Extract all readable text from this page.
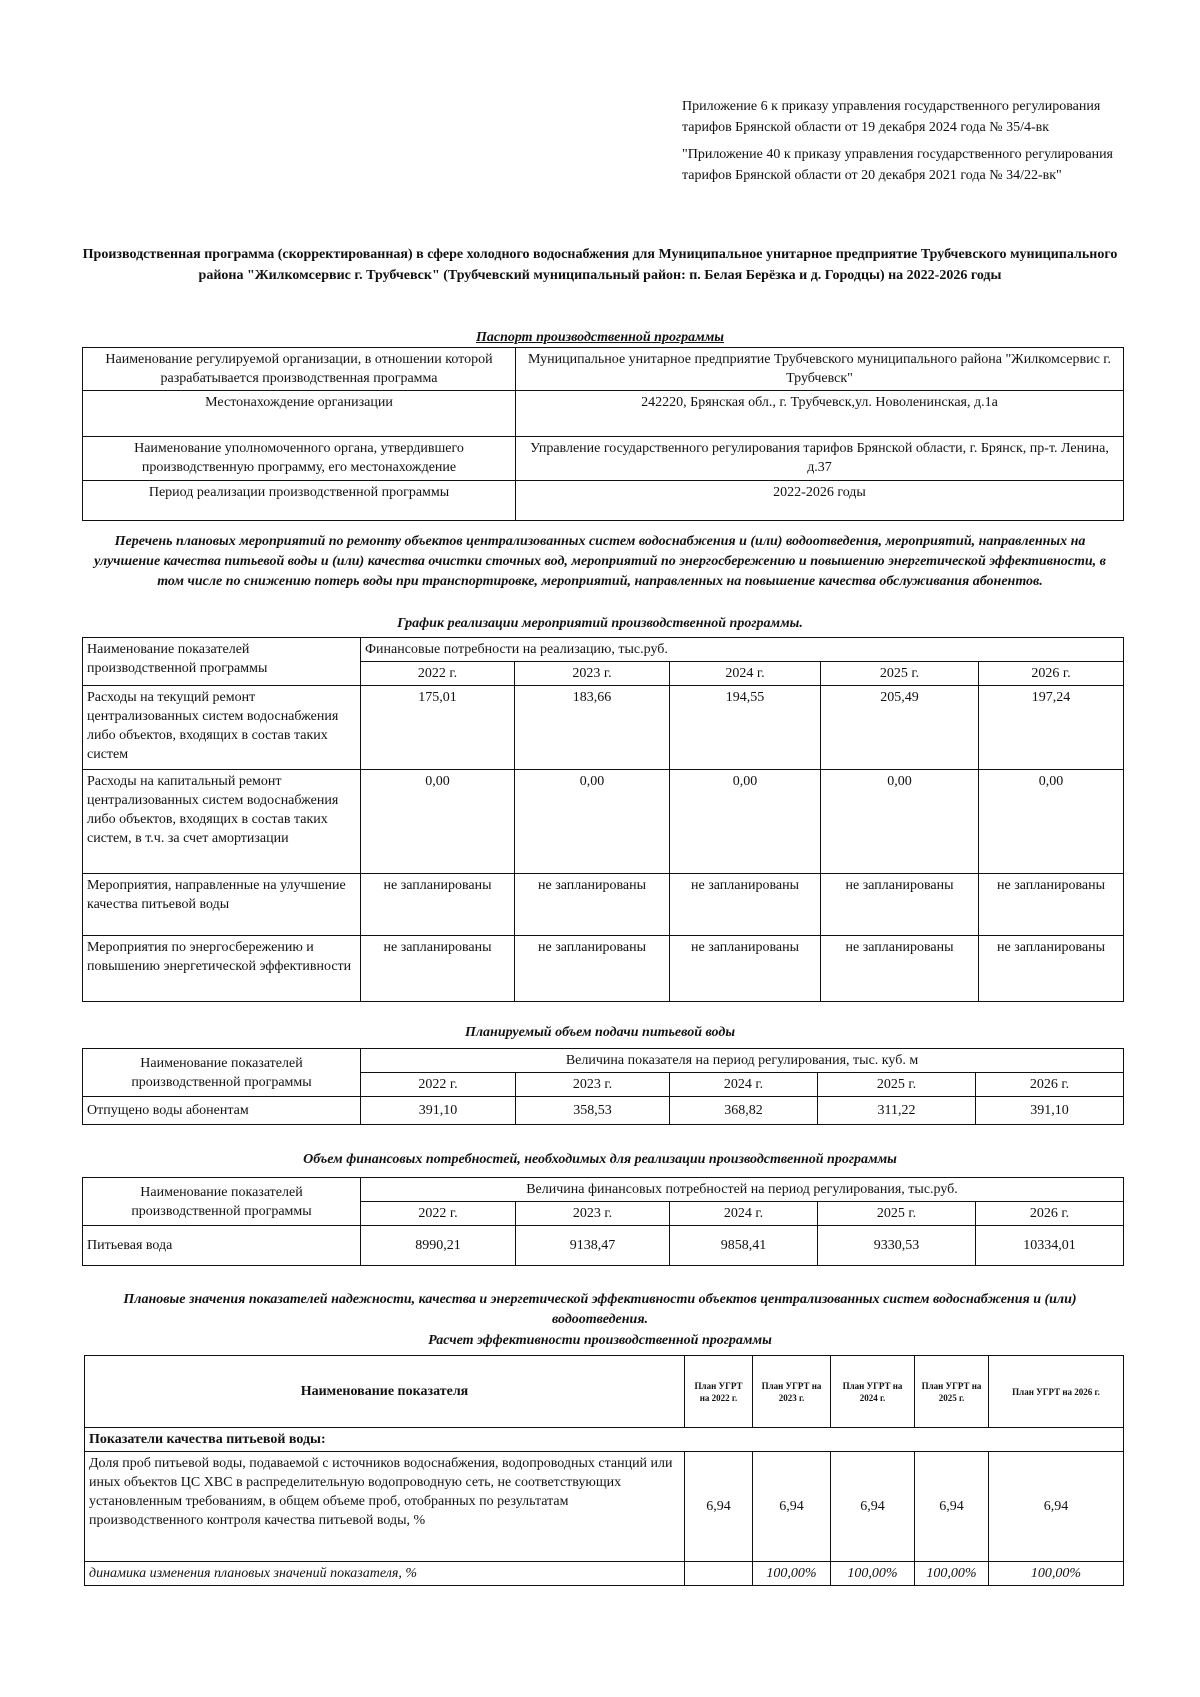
Приложение 6 к приказу управления государственного регулирования тарифов Брянской области от 19 декабря 2024 года № 35/4-вк

"Приложение 40 к приказу управления государственного регулирования тарифов Брянской области от 20 декабря 2021 года № 34/22-вк"

Производственная программа (скорректированная) в сфере холодного водоснабжения для Муниципальное унитарное предприятие Трубчевского муниципального района "Жилкомсервис г. Трубчевск" (Трубчевский муниципальный район: п. Белая Берёзка и д. Городцы) на 2022-2026 годы
Паспорт производственной программы
Наименование регулируемой организации, в отношении которой разрабатывается производственная программа	Муниципальное унитарное предприятие Трубчевского муниципального района "Жилкомсервис г. Трубчевск"
Местонахождение организации	242220, Брянская обл., г. Трубчевск,ул. Новоленинская, д.1а
Наименование уполномоченного органа, утвердившего производственную программу, его местонахождение	Управление государственного регулирования тарифов Брянской области, г. Брянск, пр-т. Ленина, д.37
Период реализации производственной программы	2022-2026 годы
Перечень плановых мероприятий по ремонту объектов централизованных систем водоснабжения и (или) водоотведения, мероприятий, направленных на улучшение качества питьевой воды и (или) качества очистки сточных вод, мероприятий по энергосбережению и повышению энергетической эффективности, в том числе по снижению потерь воды при транспортировке, мероприятий, направленных на повышение качества обслуживания абонентов.
График реализации мероприятий производственной программы.
Наименование показателей производственной программы	Финансовые потребности на реализацию, тыс.руб.				
	2022 г.	2023 г.	2024 г.	2025 г.	2026 г.
Расходы на текущий ремонт централизованных систем водоснабжения либо объектов, входящих в состав таких систем	175,01	183,66	194,55	205,49	197,24
Расходы на капитальный ремонт централизованных систем водоснабжения либо объектов, входящих в состав таких систем, в т.ч. за счет амортизации	0,00	0,00	0,00	0,00	0,00
Мероприятия, направленные на улучшение качества питьевой воды	не запланированы	не запланированы	не запланированы	не запланированы	не запланированы
Мероприятия по энергосбережению и повышению энергетической эффективности	не запланированы	не запланированы	не запланированы	не запланированы	не запланированы
Планируемый объем подачи питьевой воды
Наименование показателей производственной программы	Величина показателя на период регулирования, тыс. куб. м				
	2022 г.	2023 г.	2024 г.	2025 г.	2026 г.
Отпущено воды абонентам	391,10	358,53	368,82	311,22	391,10
Объем финансовых потребностей, необходимых для реализации производственной программы
Наименование показателей производственной программы	Величина финансовых потребностей на период регулирования, тыс.руб.				
	2022 г.	2023 г.	2024 г.	2025 г.	2026 г.
Питьевая вода	8990,21	9138,47	9858,41	9330,53	10334,01
Плановые значения показателей надежности, качества и энергетической эффективности объектов централизованных систем водоснабжения и (или) водоотведения.
Расчет эффективности производственной программы
Наименование показателя	План УГРТ на 2022 г.	План УГРТ на 2023 г.	План УГРТ на 2024 г.	План УГРТ на 2025 г.	План УГРТ на 2026 г.
Показатели качества питьевой воды:					
Доля проб питьевой воды, подаваемой с источников водоснабжения, водопроводных станций или иных объектов ЦС ХВС в распределительную водопроводную сеть, не соответствующих установленным требованиям, в общем объеме проб, отобранных по результатам производственного контроля качества питьевой воды, %	6,94	6,94	6,94	6,94	6,94
динамика изменения плановых значений показателя, %		100,00%	100,00%	100,00%	100,00%
